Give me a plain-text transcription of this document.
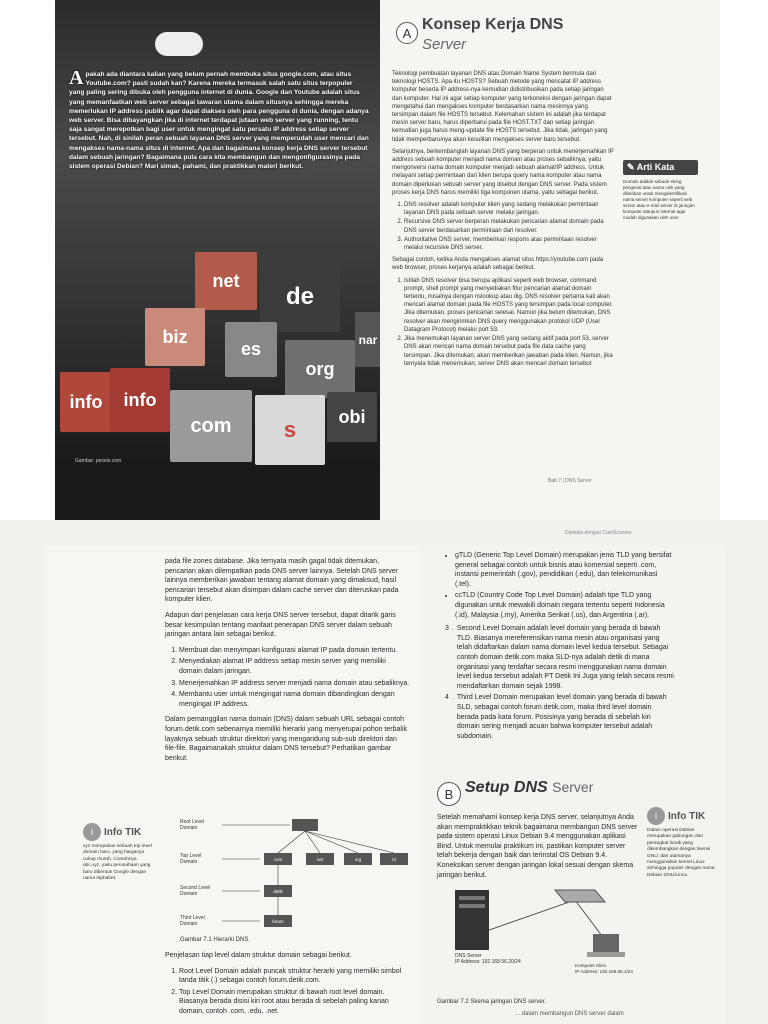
Apakah ada diantara kalian yang belum pernah membuka situs google.com, atau situs Youtube.com? pasti sudah kan? Karena mereka termasuk salah satu situs terpopuler yang paling sering dibuka oleh pengguna internet di dunia. Google dan Youtube adalah situs yang memanfaatkan web server sebagai tawaran utama dalam situsnya sehingga mereka memerlukan IP address publik agar dapat diakses oleh para pengguna di dunia, dengan adanya web server. Bisa dibayangkan jika di internet terdapat jutaan web server yang running, tentu saja sangat merepotkan bagi user untuk mengingat satu persatu IP address setiap server tersebut. Nah, di sinilah peran sebuah layanan DNS server yang memperudah user mencari dan mengakses nama-nama situs di internet. Apa dan bagaimana konsep kerja DNS server tersebut dalam sebuah jaringan? Bagaimana pula cara kita membangun dan mengonfigurasinya pada sistem operasi Debian? Mari simak, pahami, dan praktikkan materi berikut.
net
de
biz
es
org
info info
com s
obi
nar
Gambar: pexels.com
A Konsep Kerja DNS
Server

Teknologi pembuatan layanan DNS atau Domain Name System bermula dari teknologi HOSTS. Apa itu HOSTS? Sebuah metode yang mencatat IP address komputer beserta IP address-nya kemudian didistribusikan pada setiap jaringan dan komputer. Hal ini agar setiap komputer yang terkoneksi dengan jaringan dapat mengetahui dan mengakses komputer berdasarkan nama mesinnya yang tersimpan dalam file HOSTS tersebut. Kelemahan sistem ini adalah jika terdapat mesin server baru, harus diperbarui pada file HOST.TXT dan setiap jaringan kemudian juga harus meng-update file HOSTS tersebut. Jika tidak, jaringan yang tidak memperbaruinya akan kesulitan mengakses server baru tersebut.

Selanjutnya, berkembanglah layanan DNS yang berperan untuk menerjemahkan IP address sebuah komputer menjadi nama domain atau proses sebaliknya, yaitu mengonversi nama domain komputer menjadi sebuah alamat/IP address. Untuk melayani setiap permintaan dari klien berupa query nama komputer atau nama domain diperlukan sebuah server yang disebut dengan DNS server. Pada sistem proses kerja DNS harus memiliki tiga komponen utama, yaitu sebagai berikut.

1. DNS resolver adalah komputer klien yang sedang melakukan permintaan layanan DNS pada sebuah server melalui jaringan.
2. Recursive DNS server berperan melakukan pencarian alamat domain pada DNS server berdasarkan permintaan dari resolver.
3. Authoritative DNS server, memberikan respons atas permintaan resolver melalui recursive DNS server.

Sebagai contoh, ketika Anda mengakses alamat situs https://youtube.com pada web browser, proses kerjanya adalah sebagai berikut.

1. Istilah DNS resolver bisa berupa aplikasi seperti web browser, command prompt, shell prompt yang menyediakan fitur pencarian alamat domain tertentu, misalnya dengan nslookup atau dig. DNS resolver pertama kali akan mencari alamat domain pada file HOSTS yang tersimpan pada local computer. Jika ditemukan, proses pencarian selesai. Namun jika belum ditemukan, DNS resolver akan mengirimkan DNS query menggunakan protokol UDP (User Datagram Protocol) melalui port 53.
2. Jika menemukan layanan server DNS yang sedang aktif pada port 53, server DNS akan mencari nama domain tersebut pada file data cache yang tersimpan. Jika ditemukan, akan memberikan jawaban pada klien. Namun, jika ternyata tidak menemukan, server DNS akan mencari domain tersebut
✎ Arti Kata
Domain adalah sebuah string pengenal atau nama unik yang diberikan untuk mengidentifikasi nama server komputer seperti web server atau e-mail server di jaringan komputer ataupun internet agar mudah digunakan oleh user.
Bab 7 | DNS Server
Dipindai dengan CamScanner

pada file zones database. Jika ternyata masih gagal tidak ditemukan, pencarian akan dilempatkan pada DNS server lainnya. Setelah DNS server lainnya memberikan jawaban tentang alamat domain yang dimaksud, hasil pencarian tersebut akan disimpan dalam cache server dan diteruskan pada komputer klien.

Adapun dari penjelasan cara kerja DNS server tersebut, dapat ditarik garis besar kesimpulan tentang manfaat penerapan DNS server dalam sebuah jaringan antara lain sebagai berikut.

1. Membuat dan menyimpan konfigurasi alamat IP pada domain tertentu.
2. Menyediakan alamat IP address setiap mesin server yang memiliki domain dalam jaringan.
3. Menerjemahkan IP address server menjadi nama domain atau sebaliknya.
4. Membantu user untuk mengingat nama domain dibandingkan dengan mengingat IP address.

Dalam pemanggilan nama domain (DNS) dalam sebuah URL sebagai contoh forum.detik.com sebenarnya memiliki hierarki yang menyerupai pohon terbalik layaknya sebuah struktur direktori yang mengandung sub-sub direktori dan file-file. Bagaimanakah struktur dalam DNS tersebut? Perhatikan gambar berikut.

i	Info TIK
xyz merupakan sebuah top level domain baru, yang harganya cukup murah. Contohnya abc.xyz, yaitu perusahaan yang baru dibentuk Google dengan nama Alphabet.
Root Level Domain
Top Level Domain
Second Level Domain
Third Level Domain
.
com	net	org	id
detik
forum
Gambar 7.1 Hierarki DNS.

Penjelasan tiap level dalam struktur domain sebagai berikut.

1. Root Level Domain adalah puncak struktur herarki yang memiliki simbol tanda titik (.) sebagai contoh forum.detik.com.
2. Top Level Domain merupakan struktur di bawah root level domain. Biasanya berada disisi kiri root atau berada di sebelah paling kanan domain, contoh .com, .edu, .net.
• gTLD (Generic Top Level Domain) merupakan jenis TLD yang bersifat general sebagai contoh untuk bisnis atau komersial seperti .com, instansi pemerintah (.gov), pendidikan (.edu), dan telekomunikasi (.tel).
• ccTLD (Country Code Top Level Domain) adalah tipe TLD yang digunakan untuk mewakili domain negara tertentu seperti Indonesia (.id), Malaysia (.my), Amerika Serikat (.us), dan Argentina (.ar).
3 . Second Level Domain adalah level domain yang berada di bawah TLD. Biasanya mereferensikan nama mesin atau organisasi yang telah didaftarkan dalam nama domain level kedua tersebut. Sebagai contoh domain detik.com maka SLD-nya adalah detik di mana organisasi yang terdaftar secara resmi menggunakan nama domain level kedua tersebut adalah PT Detik Ini Juga yang telah secara resmi mendaftarkan domain sejak 1998.
4 . Third Level Domain merupakan level domain yang berada di bawah SLD, sebagai contoh forum.detik.com, maka third level domain berada pada kata forum. Posisinya yang berada di sebelah kiri domain sering menjadi acuan bahwa komputer tersebut adalah subdomain.
B Setup DNS Server
Setelah memahami konsep kerja DNS server, selanjutnya Anda akan mempraktikkan teknik bagaimana membangun DNS server pada sistem operasi Linux Debian 9.4 menggunakan aplikasi Bind. Untuk memulai praktikum ini, pastikan komputer server telah bekerja dengan baik dan terinstal OS Debian 9.4. Koneksikan server dengan jaringan lokal sesuai dengan skema jaringan berikut.
i	Info TIK
Dalam operasi Debian merupakan gabungan dari perangkat lunak yang dikembangkan dengan lisensi GNU, dan utamanya menggunakan kernel Linux sehingga populer dengan nama Debian GNU/Linux.
DNS Server
IP Address: 192.168.56.20/24
Komputer Klien
IP Address: 192.168.56.1/24
Gambar 7.2 Skema jaringan DNS server.
... dalam membangun DNS server dalam
